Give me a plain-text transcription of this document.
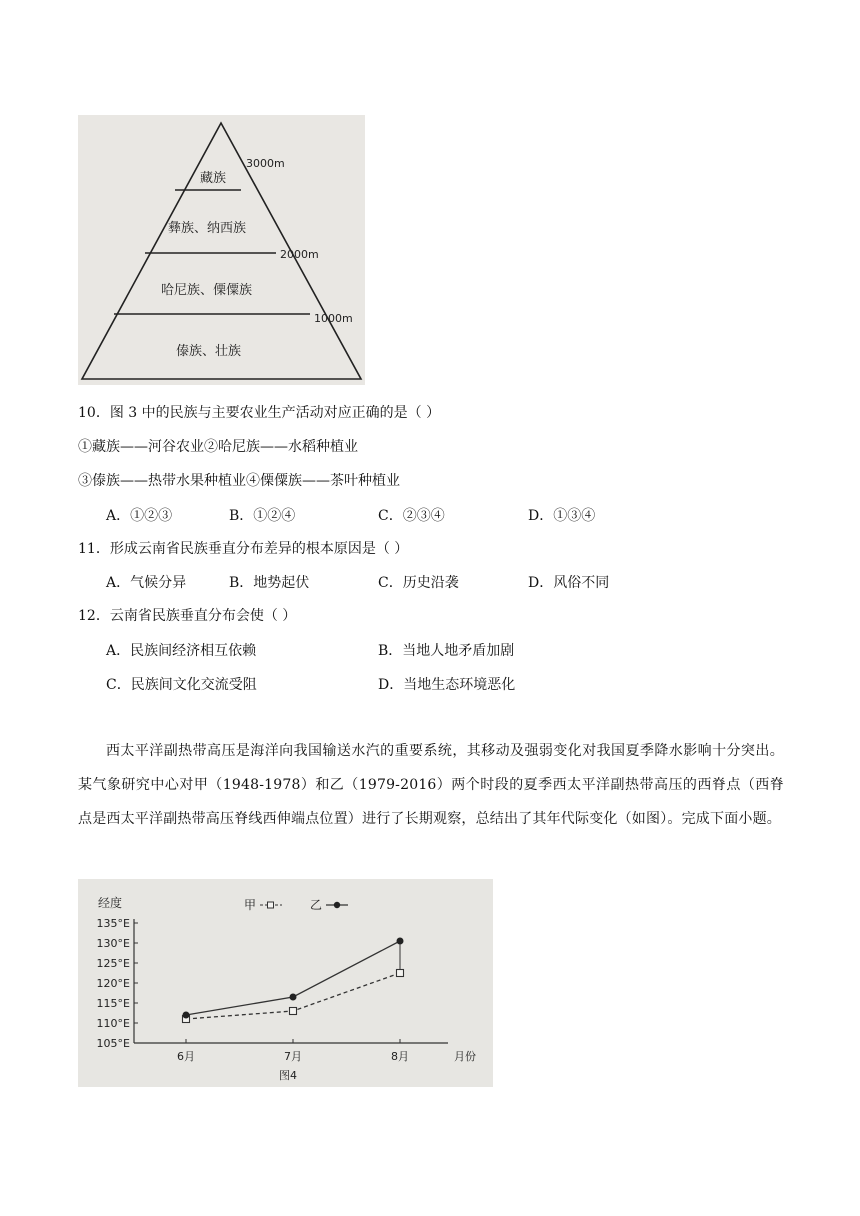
藏族
彝族、纳西族
哈尼族、傈僳族
傣族、壮族
3000m
2000m
1000m
10．图 3 中的民族与主要农业生产活动对应正确的是（ ）
①藏族——河谷农业②哈尼族——水稻种植业
③傣族——热带水果种植业④傈僳族——茶叶种植业
A．①②③	B．①②④	C．②③④	D．①③④
11．形成云南省民族垂直分布差异的根本原因是（ ）
A．气候分异	B．地势起伏	C．历史沿袭	D．风俗不同
12．云南省民族垂直分布会使（ ）
A．民族间经济相互依赖	B．当地人地矛盾加剧
C．民族间文化交流受阻	D．当地生态环境恶化
西太平洋副热带高压是海洋向我国输送水汽的重要系统，其移动及强弱变化对我国夏季降水影响十分突出。某气象研究中心对甲（1948-1978）和乙（1979-2016）两个时段的夏季西太平洋副热带高压的西脊点（西脊点是西太平洋副热带高压脊线西伸端点位置）进行了长期观察，总结出了其年代际变化（如图）。完成下面小题。
105°E
110°E
115°E
120°E
125°E
130°E
135°E
经度
6月	7月	8月	月份
图4
甲	乙
